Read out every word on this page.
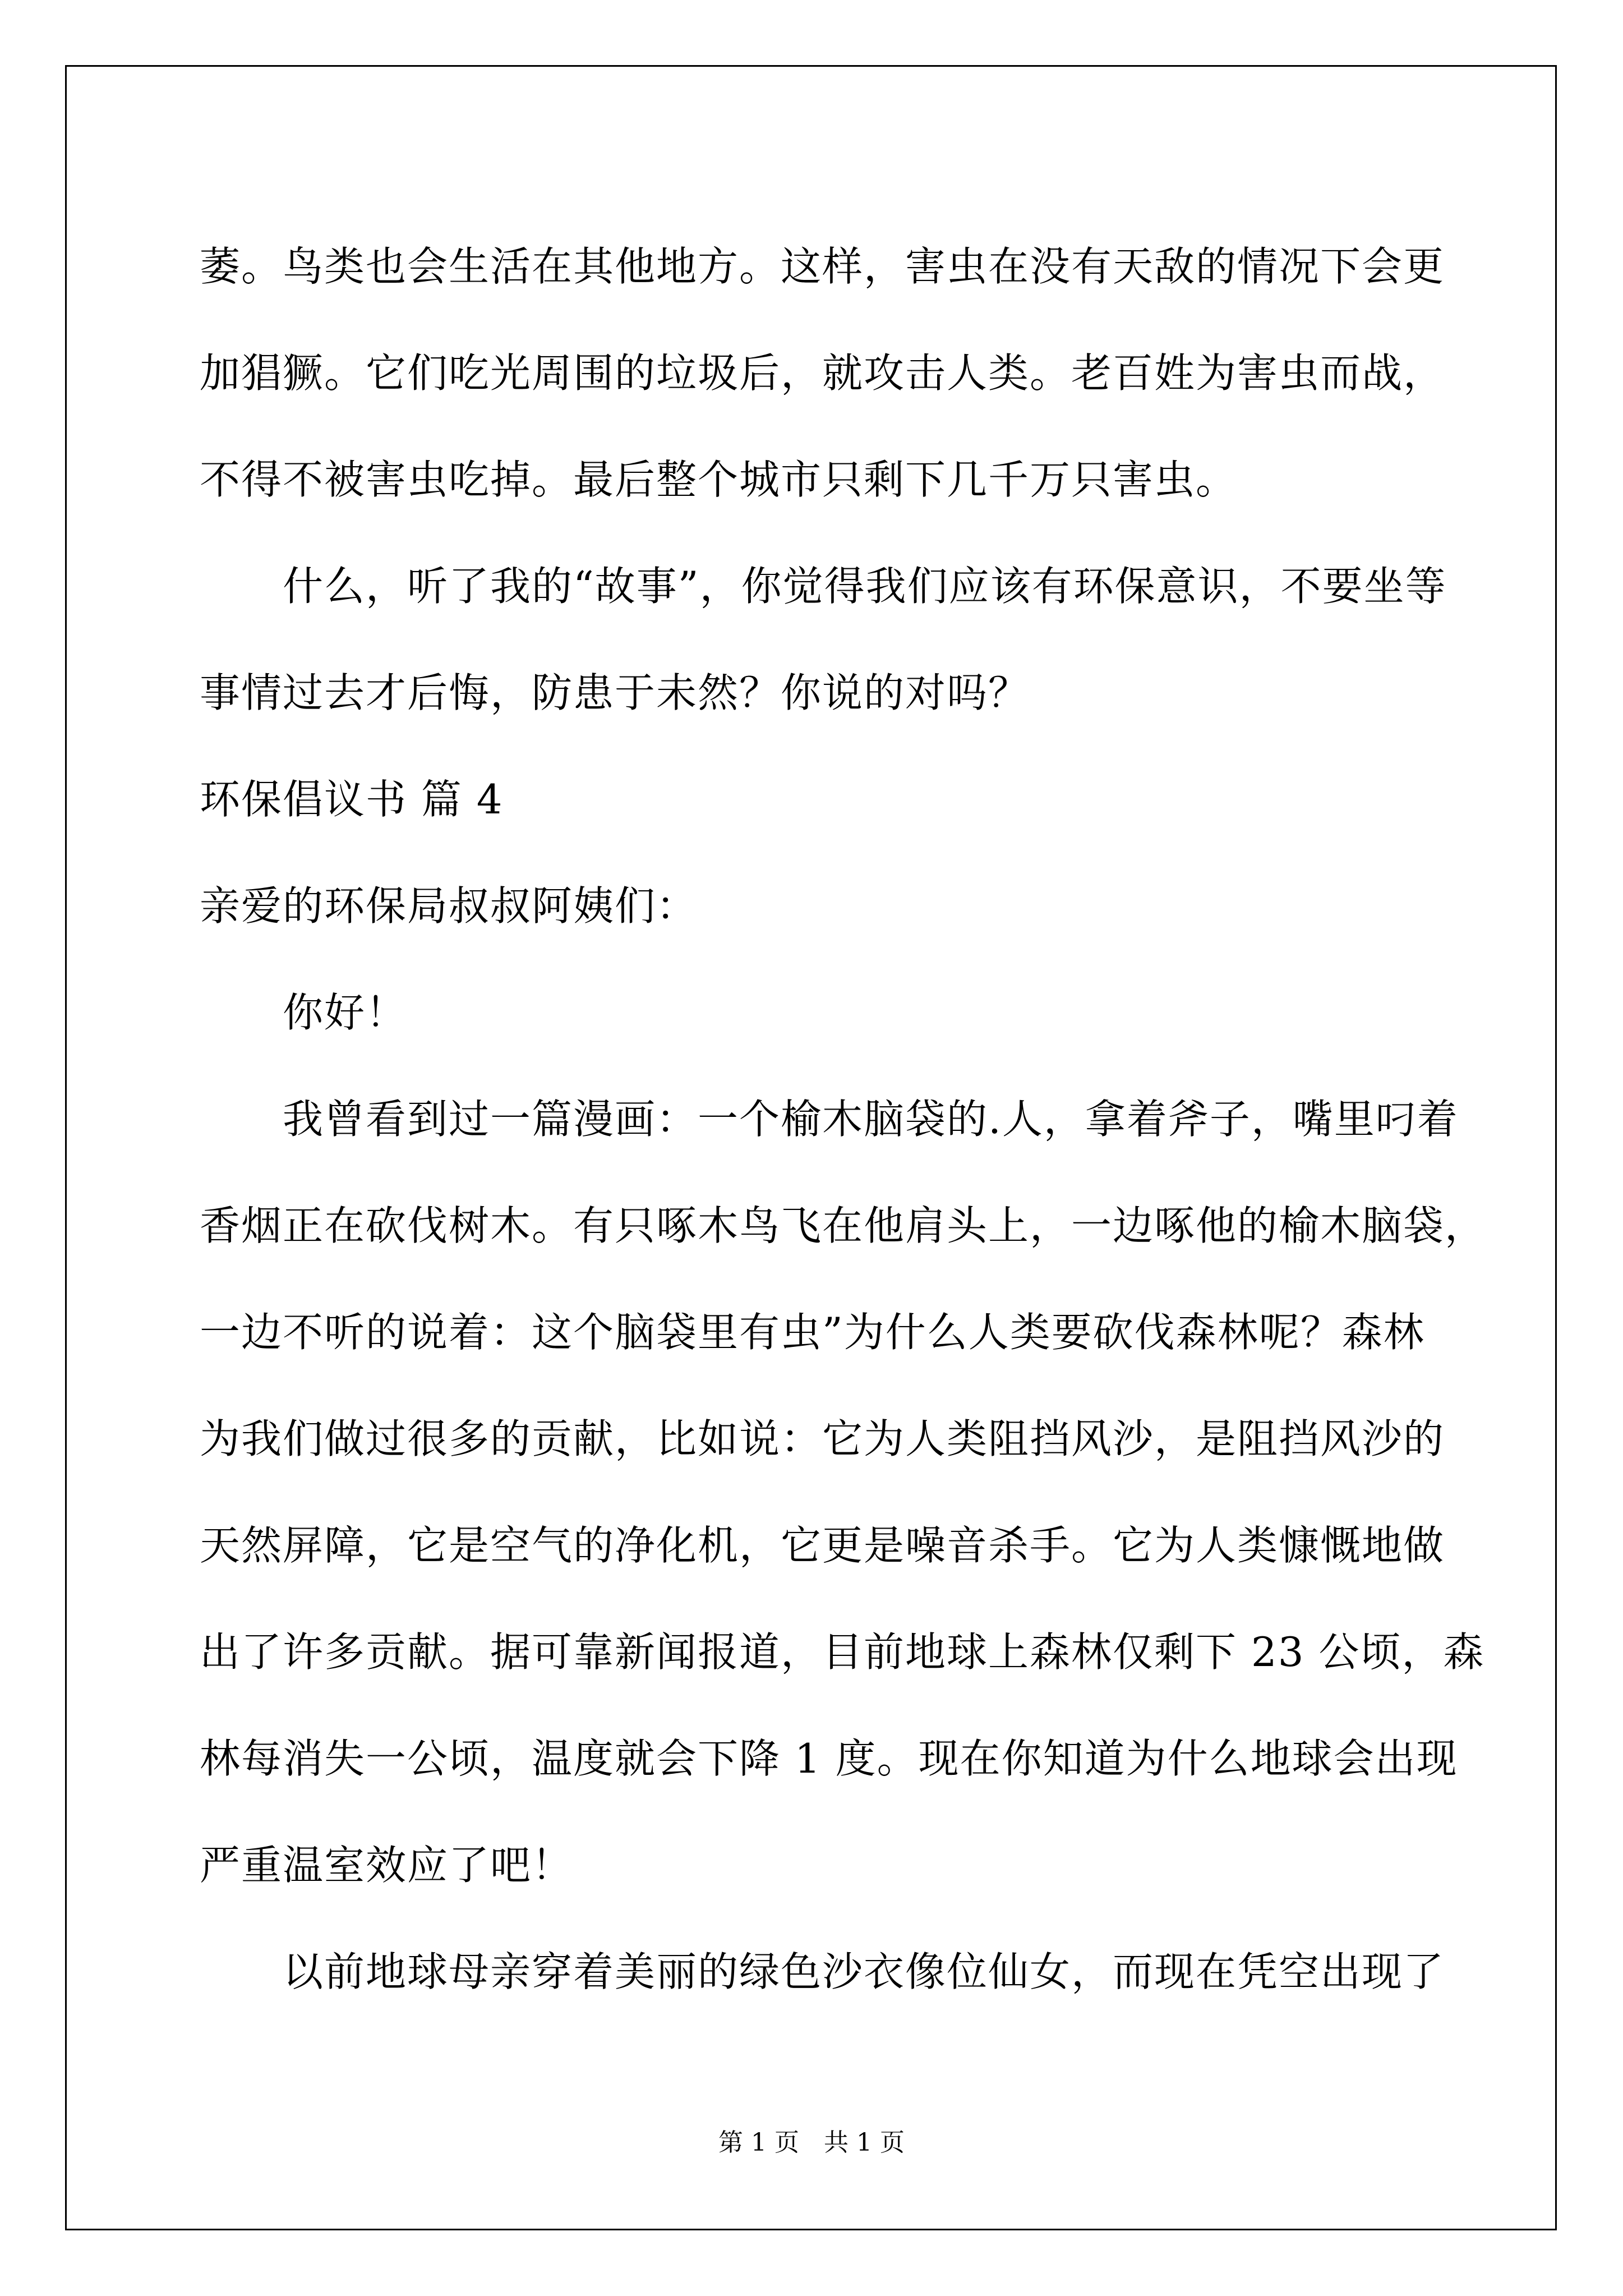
萎。鸟类也会生活在其他地方。这样，害虫在没有天敌的情况下会更
加猖獗。它们吃光周围的垃圾后，就攻击人类。老百姓为害虫而战，
不得不被害虫吃掉。最后整个城市只剩下几千万只害虫。
什么，听了我的“故事”，你觉得我们应该有环保意识，不要坐等
事情过去才后悔，防患于未然？你说的对吗？
环保倡议书 篇 4
亲爱的环保局叔叔阿姨们：
你好！
我曾看到过一篇漫画：一个榆木脑袋的.人，拿着斧子，嘴里叼着
香烟正在砍伐树木。有只啄木鸟飞在他肩头上，一边啄他的榆木脑袋，
一边不听的说着：这个脑袋里有虫”为什么人类要砍伐森林呢？森林
为我们做过很多的贡献，比如说：它为人类阻挡风沙，是阻挡风沙的
天然屏障，它是空气的净化机，它更是噪音杀手。它为人类慷慨地做
出了许多贡献。据可靠新闻报道，目前地球上森林仅剩下 23 公顷，森
林每消失一公顷，温度就会下降 1 度。现在你知道为什么地球会出现
严重温室效应了吧！
以前地球母亲穿着美丽的绿色沙衣像位仙女，而现在凭空出现了
第 1 页 共 1 页
